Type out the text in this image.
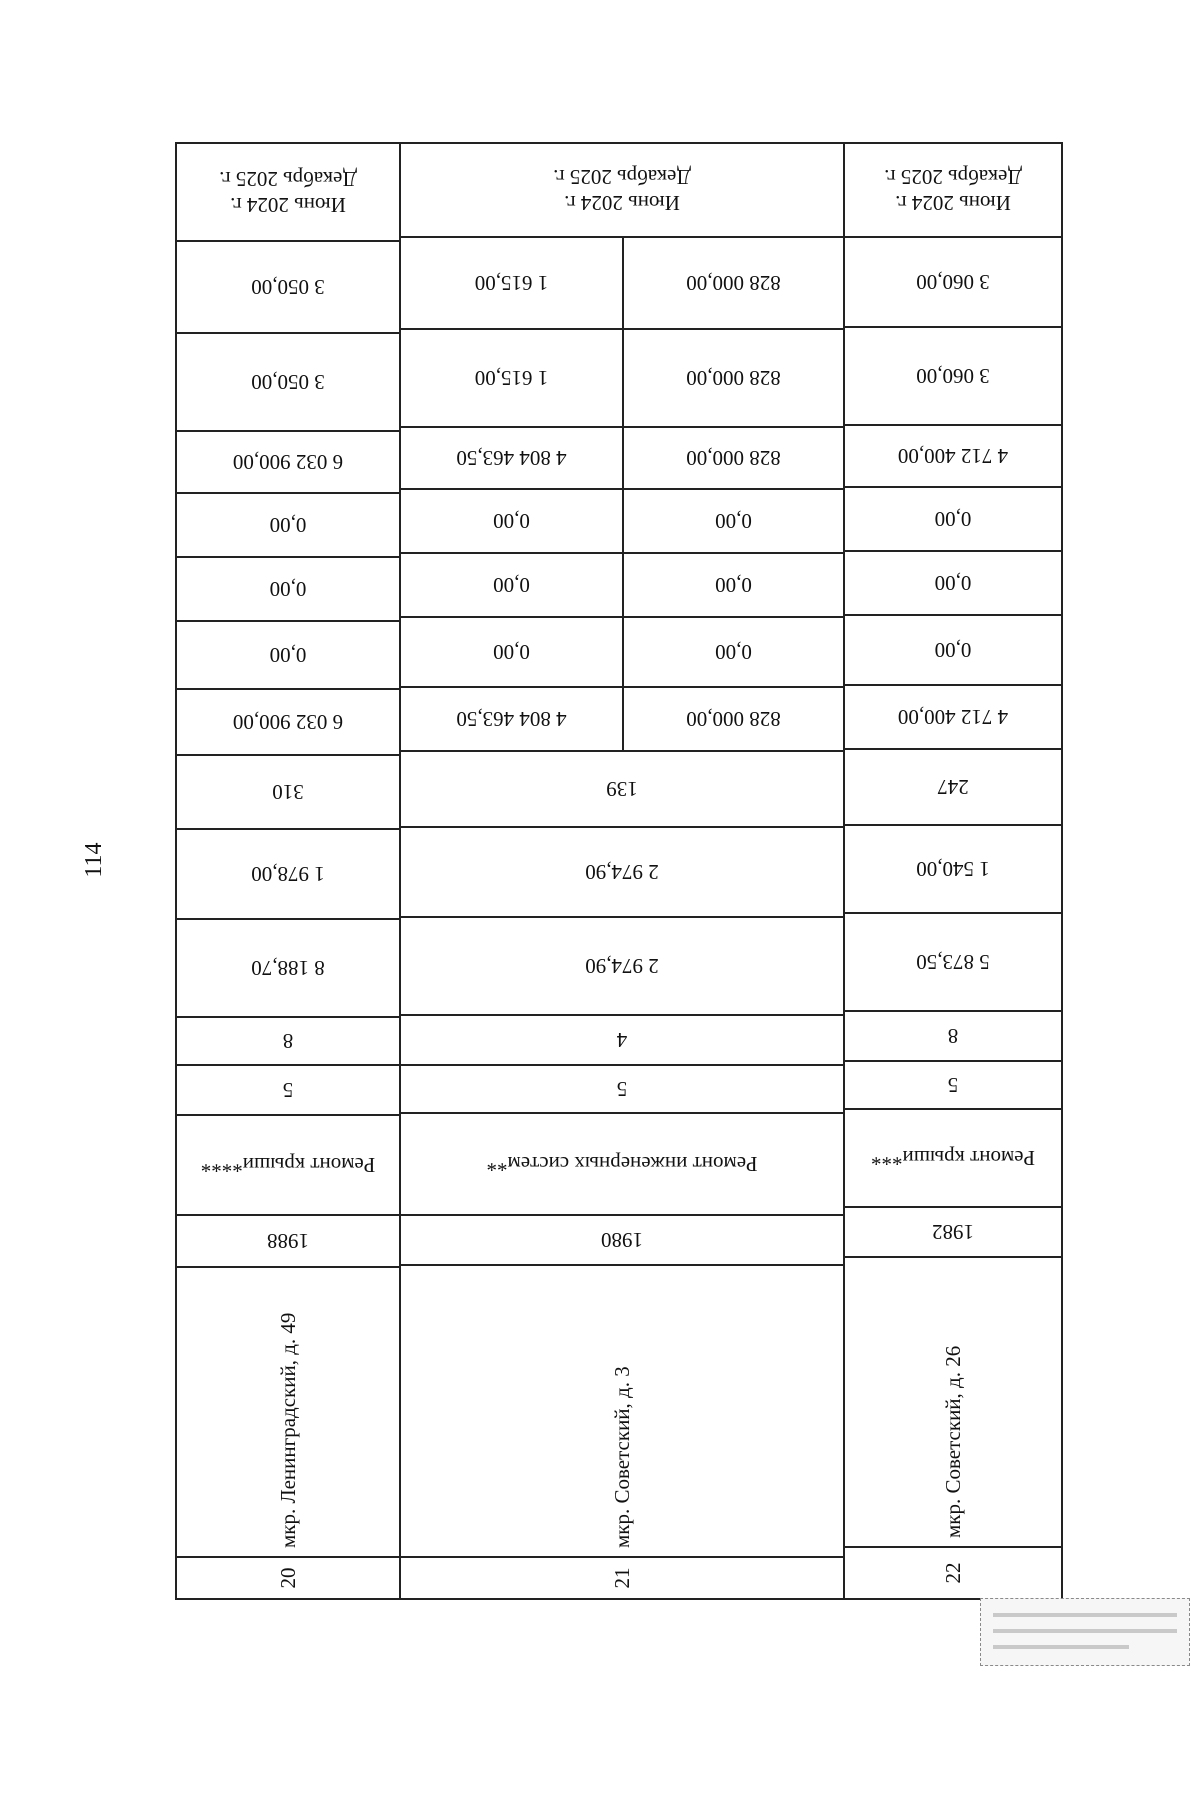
114
Июнь 2024 г.
Декабрь 2025 г.
3 050,00
3 050,00
6 032 900,00
0,00
0,00
0,00
6 032 900,00
310
1 978,00
8 188,70
8
5
Ремонт крыши****
1988
мкр. Ленинградский, д. 49
20
Июнь 2024 г.
Декабрь 2025 г.
1 615,00	828 000,00
1 615,00	828 000,00
4 804 463,50	828 000,00
0,00	0,00
0,00	0,00
0,00	0,00
4 804 463,50	828 000,00
139
2 974,90
2 974,90
4
5
Ремонт инженерных систем**
1980
мкр. Советский, д. 3
21
Июнь 2024 г.
Декабрь 2025 г.
3 060,00
3 060,00
4 712 400,00
0,00
0,00
0,00
4 712 400,00
247
1 540,00
5 873,50
8
5
Ремонт крыши***
1982
мкр. Советский, д. 26
22
